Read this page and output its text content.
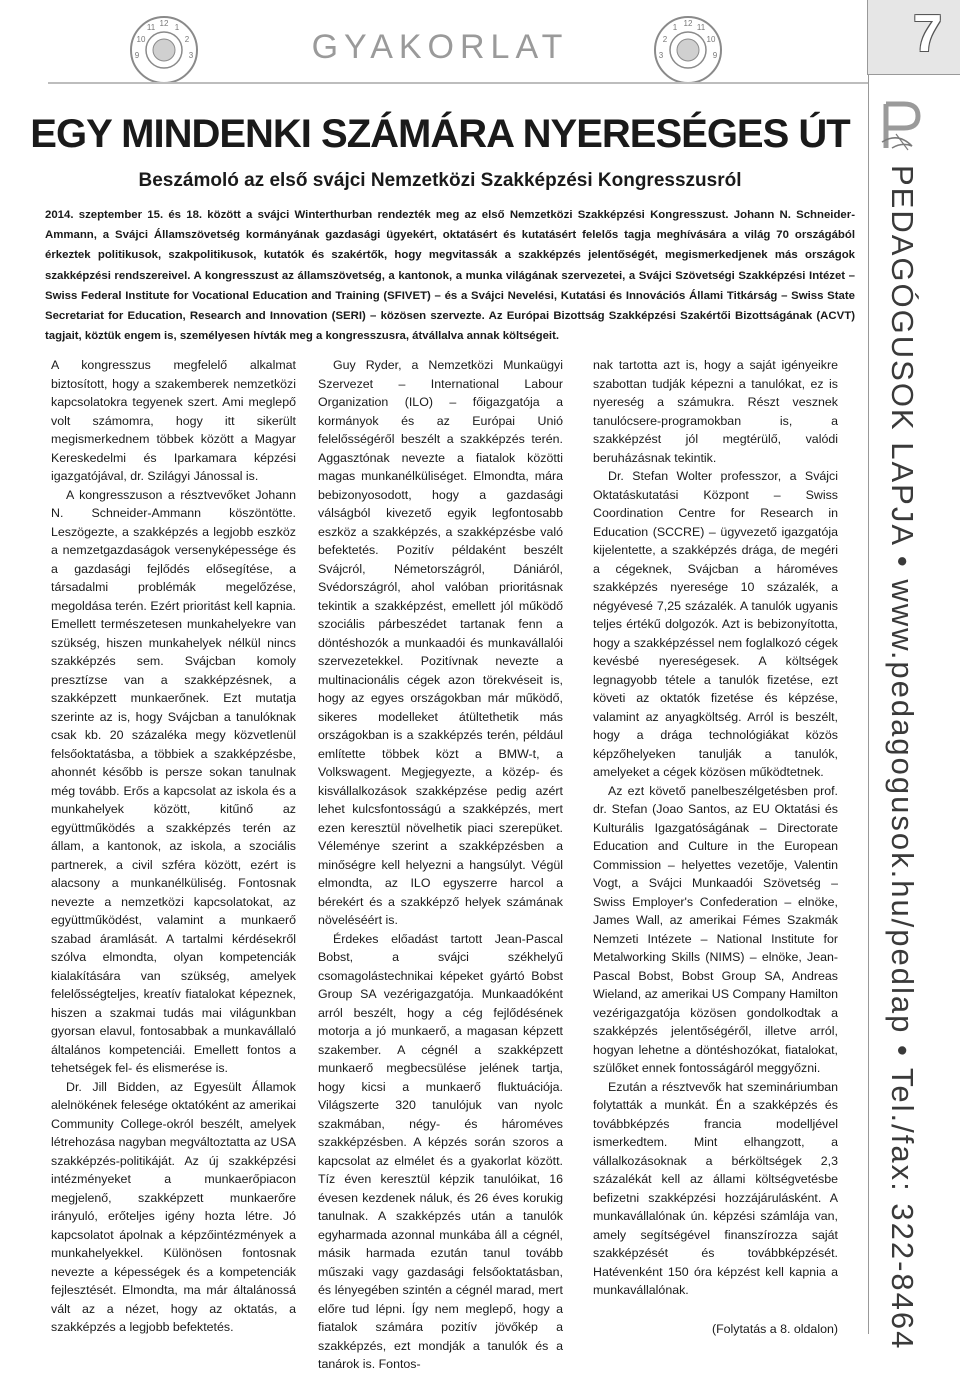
9
10
11 12 1
2
3	GYAKORLAT	3
2
1 12 11
10
9	7
PEDAGÓGUSOK LAPJA • www.pedagogusok.hu/pedlap • Tel./fax: 322-8464
EGY MINDENKI SZÁMÁRA NYERESÉGES ÚT
Beszámoló az első svájci Nemzetközi Szakképzési Kongresszusról

2014. szeptember 15. és 18. között a svájci Winterthurban rendezték meg az első Nemzetközi Szakképzési Kongresszust. Johann N. Schneider-Ammann, a Svájci Államszövetség kormányának gazdasági ügyekért, oktatásért és kutatásért felelős tagja meghívására a világ 70 országából érkeztek politikusok, szakpolitikusok, kutatók és szakértők, hogy megvitassák a szakképzés jelentőségét, megismerkedjenek más országok szakképzési rendszereivel. A kongresszust az államszövetség, a kantonok, a munka világának szervezetei, a Svájci Szövetségi Szakképzési Intézet – Swiss Federal Institute for Vocational Education and Training (SFIVET) – és a Svájci Nevelési, Kutatási és Innovációs Állami Titkárság – Swiss State Secretariat for Education, Research and Innovation (SERI) – közösen szervezte. Az Európai Bizottság Szakképzési Szakértői Bizottságának (ACVT) tagjait, köztük engem is, személyesen hívták meg a kongresszusra, átvállalva annak költségeit.

A kongresszus megfelelő alkalmat biztosított, hogy a szakemberek nemzetközi kapcsolatokra tegyenek szert. Ami meglepő volt számomra, hogy itt sikerült megismerkednem többek között a Magyar Kereskedelmi és Iparkamara képzési igazgatójával, dr. Szilágyi Jánossal is.

A kongresszuson a résztvevőket Johann N. Schneider-Ammann köszöntötte. Leszögezte, a szakképzés a legjobb eszköz a nemzetgazdaságok versenyképessége és a gazdasági fejlődés elősegítése, a társadalmi problémák megelőzése, megoldása terén. Ezért prioritást kell kapnia. Emellett természetesen munkahelyekre van szükség, hiszen munkahelyek nélkül nincs szakképzés sem. Svájcban komoly presztízse van a szakképzésnek, a szakképzett munkaerőnek. Ezt mutatja szerinte az is, hogy Svájcban a tanulóknak csak kb. 20 százaléka megy közvetlenül felsőoktatásba, a többiek a szakképzésbe, ahonnét később is persze sokan tanulnak még tovább. Erős a kapcsolat az iskola és a munkahelyek között, kitűnő az együttműködés a szakképzés terén az állam, a kantonok, az iskola, a szociális partnerek, a civil szféra között, ezért is alacsony a munkanélküliség. Fontosnak nevezte a nemzetközi kapcsolatokat, az együttműködést, valamint a munkaerő szabad áramlását. A tartalmi kérdésekről szólva elmondta, olyan kompetenciák kialakítására van szükség, amelyek felelősségteljes, kreatív fiatalokat képeznek, hiszen a szakmai tudás mai világunkban gyorsan elavul, fontosabbak a munkavállaló általános kompetenciái. Emellett fontos a tehetségek fel- és elismerése is.

Dr. Jill Bidden, az Egyesült Államok alelnökének felesége oktatóként az amerikai Community College-okról beszélt, amelyek létrehozása nagyban megváltoztatta az USA szakképzés-politikáját. Az új szakképzési intézményeket a munkaerőpiacon megjelenő, szakképzett munkaerőre irányuló, erőteljes igény hozta létre. Jó kapcsolatot ápolnak a képzőintézmények a munkahelyekkel. Különösen fontosnak nevezte a képességek és a kompetenciák fejlesztését. Elmondta, ma már általánossá vált az a nézet, hogy az oktatás, a szakképzés a legjobb befektetés.

Guy Ryder, a Nemzetközi Munkaügyi Szervezet – International Labour Organization (ILO) – főigazgatója a kormányok és az Európai Unió felelősségéről beszélt a szakképzés terén. Aggasztónak nevezte a fiatalok közötti magas munkanélküliséget. Elmondta, mára bebizonyosodott, hogy a gazdasági válságból kivezető egyik legfontosabb eszköz a szakképzés, a szakképzésbe való befektetés. Pozitív példaként beszélt Svájcról, Németországról, Dániáról, Svédországról, ahol valóban prioritásnak tekintik a szakképzést, emellett jól működő szociális párbeszédet tartanak fenn a döntéshozók a munkaadói és munkavállalói szervezetekkel. Pozitívnak nevezte a multinacionális cégek azon törekvéseit is, hogy az egyes országokban már működő, sikeres modelleket átültethetik más országokban is a szakképzés terén, például említette többek közt a BMW-t, a Volkswagent. Megjegyezte, a közép- és kisvállalkozások szakképzése pedig azért lehet kulcsfontosságú a szakképzés, mert ezen keresztül növelhetik piaci szerepüket. Véleménye szerint a szakképzésben a minőségre kell helyezni a hangsúlyt. Végül elmondta, az ILO egyszerre harcol a bérekért és a szakképző helyek számának növeléséért is.

Érdekes előadást tartott Jean-Pascal Bobst, a svájci székhelyű csomagolástechnikai képeket gyártó Bobst Group SA vezérigazgatója. Munkaadóként arról beszélt, hogy a cég fejlődésének motorja a jó munkaerő, a magasan képzett szakember. A cégnél a szakképzett munkaerő megbecsülése jelének tartja, hogy kicsi a munkaerő fluktuációja. Világszerte 320 tanulójuk van nyolc szakmában, négy- és hároméves szakképzésben. A képzés során szoros a kapcsolat az elmélet és a gyakorlat között. Tíz éven keresztül képzik tanulóikat, 16 évesen kezdenek náluk, és 26 éves korukig tanulnak. A szakképzés után a tanulók egyharmada azonnal munkába áll a cégnél, másik harmada ezután tanul tovább műszaki vagy gazdasági felsőoktatásban, és lényegében szintén a cégnél marad, mert előre tud lépni. Így nem meglepő, hogy a fiatalok számára pozitív jövőkép a szakképzés, ezt mondják a tanulók és a tanárok is. Fontos-

nak tartotta azt is, hogy a saját igényeikre szabottan tudják képezni a tanulókat, ez is nyereség a számukra. Részt vesznek tanulócsere-programokban is, a szakképzést jól megtérülő, valódi beruházásnak tekintik.

Dr. Stefan Wolter professzor, a Svájci Oktatáskutatási Központ – Swiss Coordination Centre for Research in Education (SCCRE) – ügyvezető igazgatója kijelentette, a szakképzés drága, de megéri a cégeknek, Svájcban a hároméves szakképzés nyeresége 10 százalék, a négyévesé 7,25 százalék. A tanulók ugyanis teljes értékű dolgozók. Azt is bebizonyította, hogy a szakképzéssel nem foglalkozó cégek kevésbé nyereségesek. A költségek legnagyobb tétele a tanulók fizetése, ezt követi az oktatók fizetése és képzése, valamint az anyagköltség. Arról is beszélt, hogy a drága technológiákat közös képzőhelyeken tanulják a tanulók, amelyeket a cégek közösen működtetnek.

Az ezt követő panelbeszélgetésben prof. dr. Stefan (Joao Santos, az EU Oktatási és Kulturális Igazgatóságának – Directorate Education and Culture in the European Commission – helyettes vezetője, Valentin Vogt, a Svájci Munkaadói Szövetség – Swiss Employer's Confederation – elnöke, James Wall, az amerikai Fémes Szakmák Nemzeti Intézete – National Institute for Metalworking Skills (NIMS) – elnöke, Jean-Pascal Bobst, Bobst Group SA, Andreas Wieland, az amerikai US Company Hamilton vezérigazgatója közösen gondolkodtak a szakképzés jelentőségéről, illetve arról, hogyan lehetne a döntéshozókat, fiatalokat, szülőket ennek fontosságáról meggyőzni.

Ezután a résztvevők hat szemináriumban folytatták a munkát. Én a szakképzés és továbbképzés francia modelljével ismerkedtem. Mint elhangzott, a vállalkozásoknak a bérköltségek 2,3 százalékát kell az állami költségvetésbe befizetni szakképzési hozzájárulásként. A munkavállalónak ún. képzési számlája van, amely segítségével finanszírozza saját szakképzését és továbbképzését. Hatévenként 150 óra képzést kell kapnia a munkavállalónak.

(Folytatás a 8. oldalon)
